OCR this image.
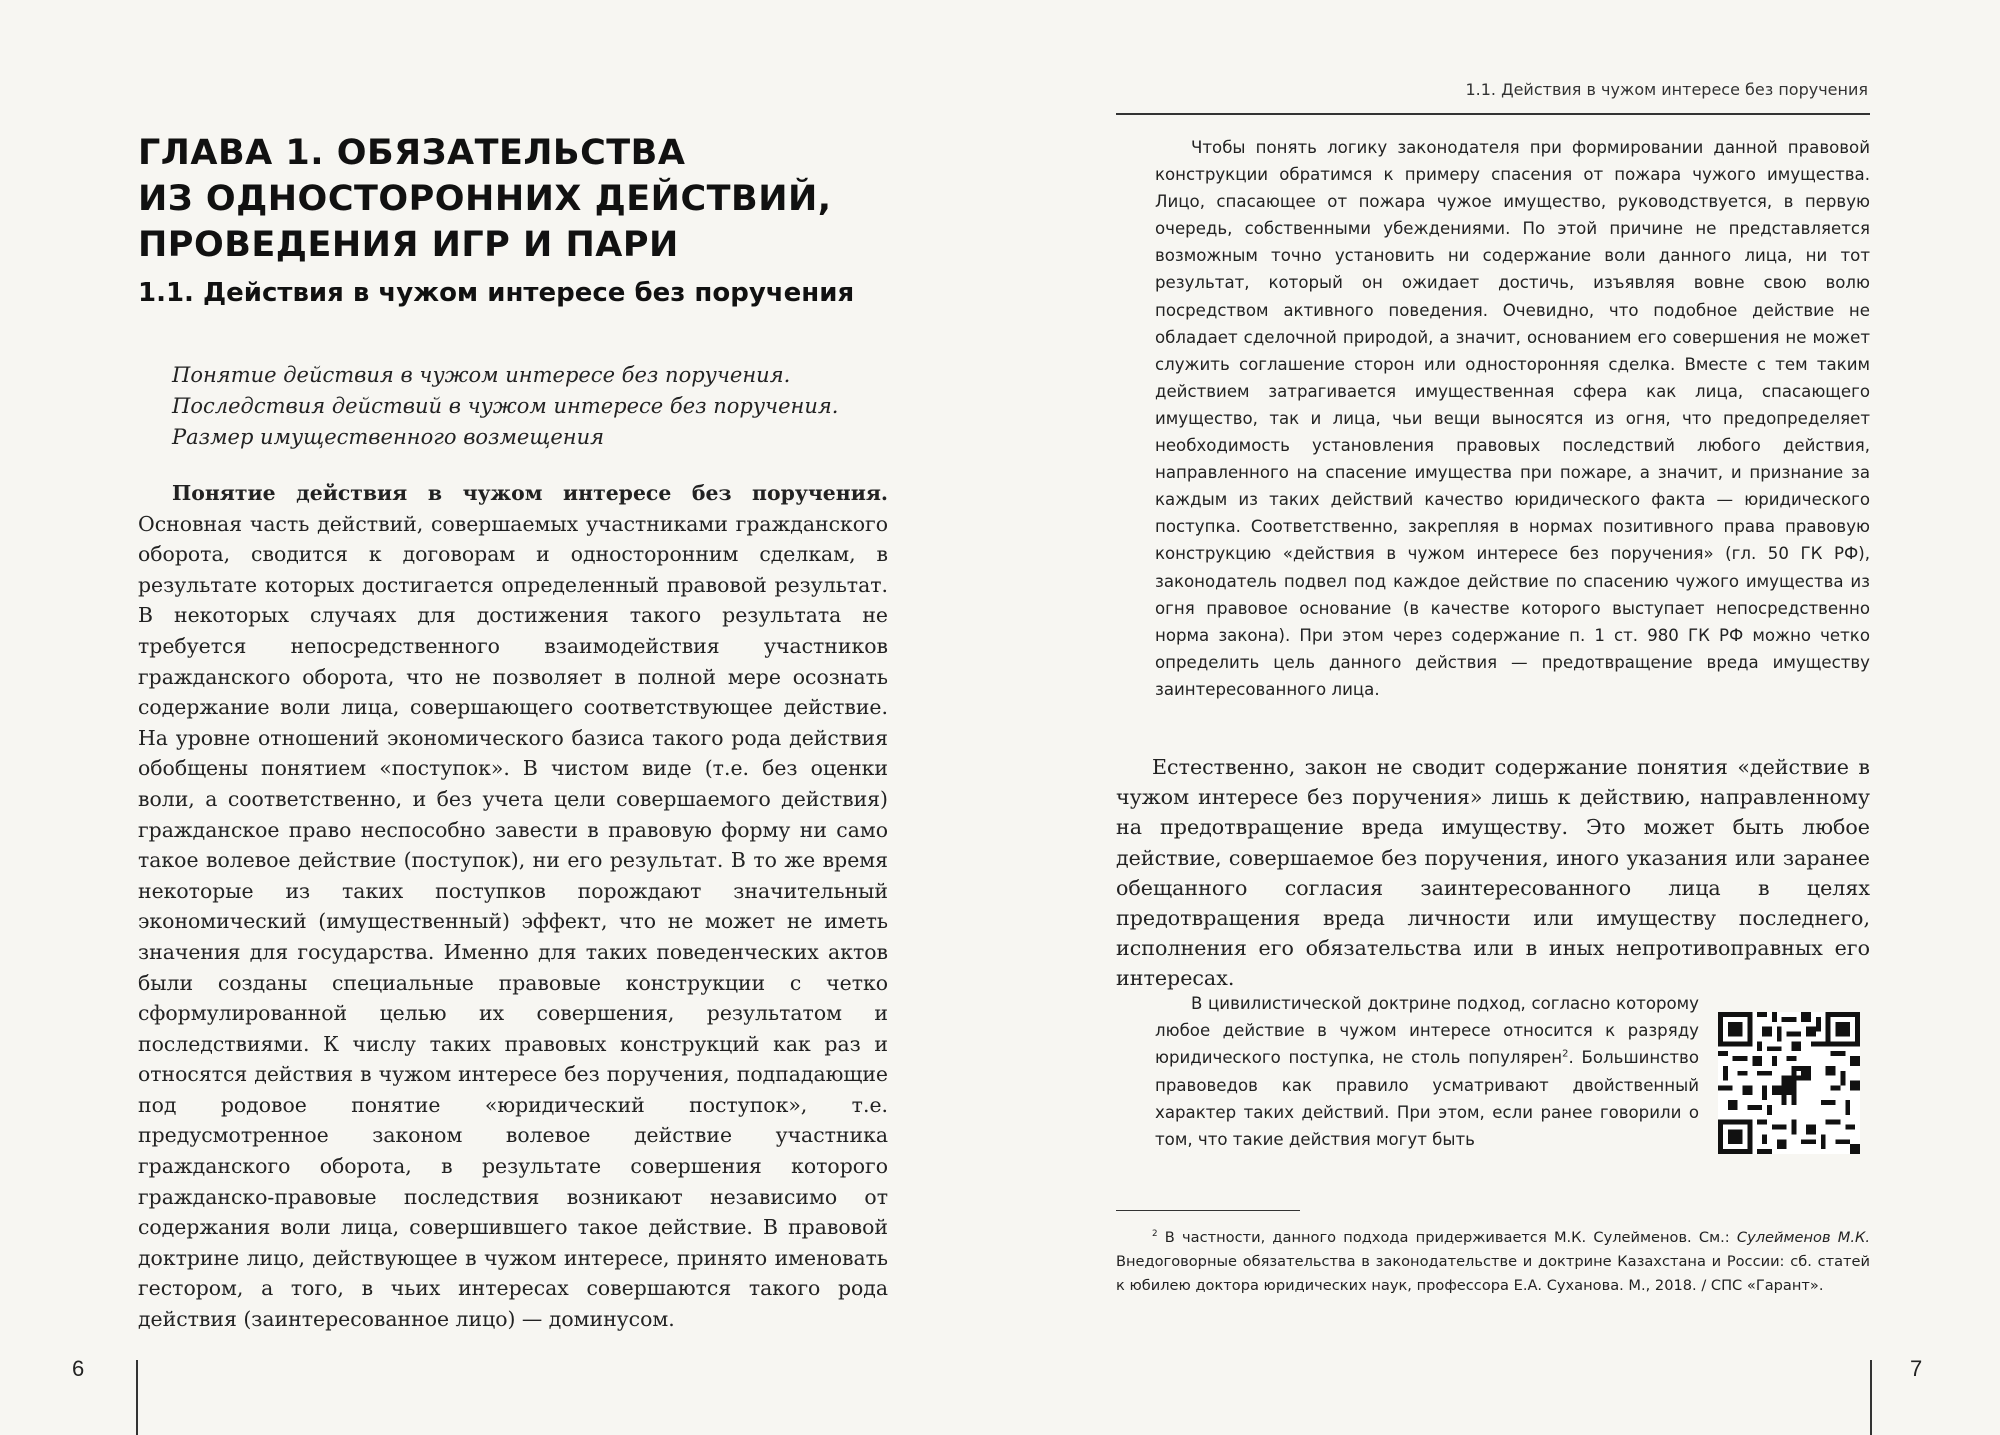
ГЛАВА 1. ОБЯЗАТЕЛЬСТВА
ИЗ ОДНОСТОРОННИХ ДЕЙСТВИЙ,
ПРОВЕДЕНИЯ ИГР И ПАРИ
1.1. Действия в чужом интересе без поручения
Понятие действия в чужом интересе без поручения.
Последствия действий в чужом интересе без поручения.
Размер имущественного возмещения

Понятие действия в чужом интересе без поручения. Основная часть действий, совершаемых участниками гражданского оборота, сводится к договорам и односторонним сделкам, в результате которых достигается определенный правовой результат. В некоторых случаях для достижения такого результата не требуется непосредственного взаимодействия участников гражданского оборота, что не позволяет в полной мере осознать содержание воли лица, совершающего соответствующее действие. На уровне отношений экономического базиса такого рода действия обобщены понятием «поступок». В чистом виде (т.е. без оценки воли, а соответственно, и без учета цели совершаемого действия) гражданское право неспособно завести в правовую форму ни само такое волевое действие (поступок), ни его результат. В то же время некоторые из таких поступков порождают значительный экономический (имущественный) эффект, что не может не иметь значения для государства. Именно для таких поведенческих актов были созданы специальные правовые конструкции с четко сформулированной целью их совершения, результатом и последствиями. К числу таких правовых конструкций как раз и относятся действия в чужом интересе без поручения, подпадающие под родовое понятие «юридический поступок», т.е. предусмотренное законом волевое действие участника гражданского оборота, в результате совершения которого гражданско-правовые последствия возникают независимо от содержания воли лица, совершившего такое действие. В правовой доктрине лицо, действующее в чужом интересе, принято именовать гестором, а того, в чьих интересах совершаются такого рода действия (заинтересованное лицо) — доминусом.

6
1.1. Действия в чужом интересе без поручения

Чтобы понять логику законодателя при формировании данной правовой конструкции обратимся к примеру спасения от пожара чужого имущества. Лицо, спасающее от пожара чужое имущество, руководствуется, в первую очередь, собственными убеждениями. По этой причине не представляется возможным точно установить ни содержание воли данного лица, ни тот результат, который он ожидает достичь, изъявляя вовне свою волю посредством активного поведения. Очевидно, что подобное действие не обладает сделочной природой, а значит, основанием его совершения не может служить соглашение сторон или односторонняя сделка. Вместе с тем таким действием затрагивается имущественная сфера как лица, спасающего имущество, так и лица, чьи вещи выносятся из огня, что предопределяет необходимость установления правовых последствий любого действия, направленного на спасение имущества при пожаре, а значит, и признание за каждым из таких действий качество юридического факта — юридического поступка. Соответственно, закрепляя в нормах позитивного права правовую конструкцию «действия в чужом интересе без поручения» (гл. 50 ГК РФ), законодатель подвел под каждое действие по спасению чужого имущества из огня правовое основание (в качестве которого выступает непосредственно норма закона). При этом через содержание п. 1 ст. 980 ГК РФ можно четко определить цель данного действия — предотвращение вреда имуществу заинтересованного лица.

Естественно, закон не сводит содержание понятия «действие в чужом интересе без поручения» лишь к действию, направленному на предотвращение вреда имуществу. Это может быть любое действие, совершаемое без поручения, иного указания или заранее обещанного согласия заинтересованного лица в целях предотвращения вреда личности или имуществу последнего, исполнения его обязательства или в иных непротивоправных его интересах.

В цивилистической доктрине подход, согласно которому любое действие в чужом интересе относится к разряду юридического поступка, не столь популярен$^2$. Большинство правоведов как правило усматривают двойственный характер таких действий. При этом, если ранее говорили о том, что такие действия могут быть

$^2$ В частности, данного подхода придерживается М.К. Сулейменов. См.: Сулейменов М.К. Внедоговорные обязательства в законодательстве и доктрине Казахстана и России: сб. статей к юбилею доктора юридических наук, профессора Е.А. Суханова. М., 2018. / СПС «Гарант».

7
